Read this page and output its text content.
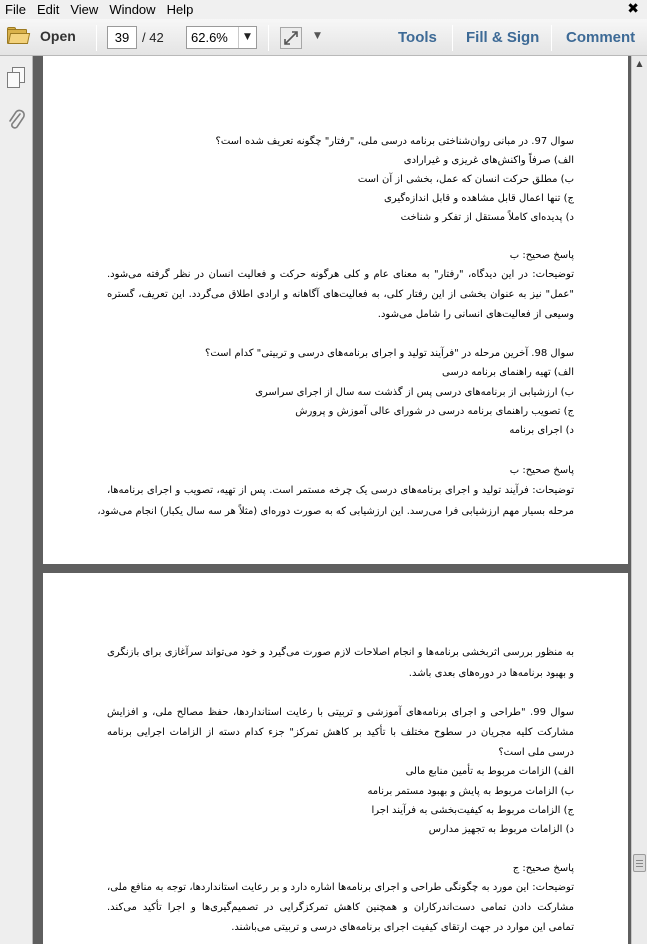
File Edit View Window Help	✖
Open	39 / 42 62.6%	▼	▼	Tools Fill & Sign Comment
سوال 97. در مبانی روان‌شناختی برنامه درسی ملی، "رفتار" چگونه تعریف شده است؟
الف) صرفاً واکنش‌های غریزی و غیرارادی
ب) مطلق حرکت انسان که عمل، بخشی از آن است
ج) تنها اعمال قابل مشاهده و قابل اندازه‌گیری
د) پدیده‌ای کاملاً مستقل از تفکر و شناخت
پاسخ صحیح: ب
توضیحات: در این دیدگاه، "رفتار" به معنای عام و کلی هرگونه حرکت و فعالیت انسان در نظر گرفته می‌شود.
"عمل" نیز به عنوان بخشی از این رفتار کلی، به فعالیت‌های آگاهانه و ارادی اطلاق می‌گردد. این تعریف، گستره
وسیعی از فعالیت‌های انسانی را شامل می‌شود.
سوال 98. آخرین مرحله در "فرآیند تولید و اجرای برنامه‌های درسی و تربیتی" کدام است؟
الف) تهیه راهنمای برنامه درسی
ب) ارزشیابی از برنامه‌های درسی پس از گذشت سه سال از اجرای سراسری
ج) تصویب راهنمای برنامه درسی در شورای عالی آموزش و پرورش
د) اجرای برنامه
پاسخ صحیح: ب
توضیحات: فرآیند تولید و اجرای برنامه‌های درسی یک چرخه مستمر است. پس از تهیه، تصویب و اجرای برنامه‌ها،
مرحله بسیار مهم ارزشیابی فرا می‌رسد. این ارزشیابی که به صورت دوره‌ای (مثلاً هر سه سال یکبار) انجام می‌شود،
به منظور بررسی اثربخشی برنامه‌ها و انجام اصلاحات لازم صورت می‌گیرد و خود می‌تواند سرآغازی برای بازنگری
و بهبود برنامه‌ها در دوره‌های بعدی باشد.
سوال 99. "طراحی و اجرای برنامه‌های آموزشی و تربیتی با رعایت استانداردها، حفظ مصالح ملی، و افزایش
مشارکت کلیه مجریان در سطوح مختلف با تأکید بر کاهش تمرکز" جزء کدام دسته از الزامات اجرایی برنامه
درسی ملی است؟
الف) الزامات مربوط به تأمین منابع مالی
ب) الزامات مربوط به پایش و بهبود مستمر برنامه
ج) الزامات مربوط به کیفیت‌بخشی به فرآیند اجرا
د) الزامات مربوط به تجهیز مدارس
پاسخ صحیح: ج
توضیحات: این مورد به چگونگی طراحی و اجرای برنامه‌ها اشاره دارد و بر رعایت استانداردها، توجه به منافع ملی،
مشارکت دادن تمامی دست‌اندرکاران و همچنین کاهش تمرکزگرایی در تصمیم‌گیری‌ها و اجرا تأکید می‌کند.
تمامی این موارد در جهت ارتقای کیفیت اجرای برنامه‌های درسی و تربیتی می‌باشند.
▲
